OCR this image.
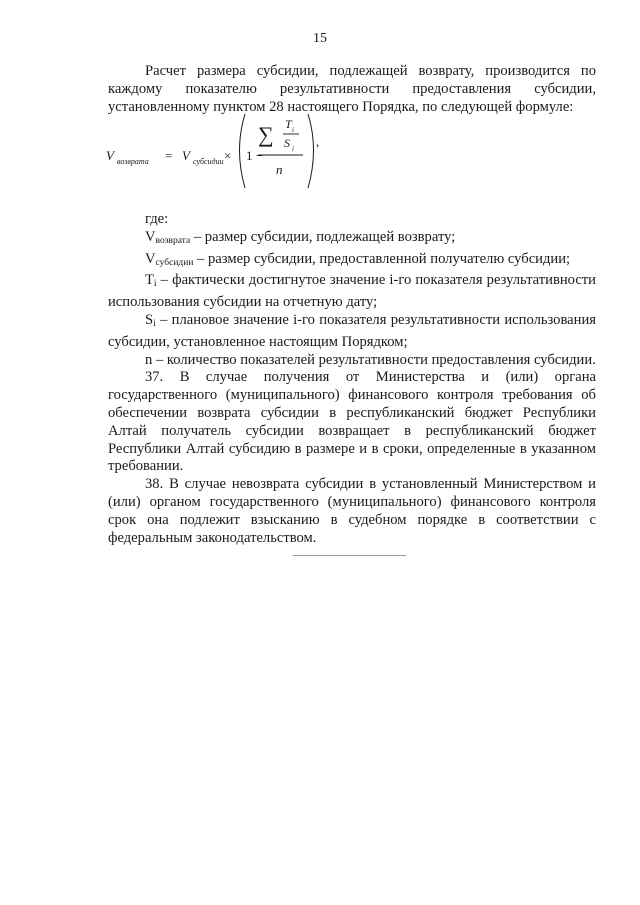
15

Расчет размера субсидии, подлежащей возврату, производится по каждому показателю результативности предоставления субсидии, установленному пунктом 28 настоящего Порядка, по следующей формуле:

V возврата = V субсидии × 1 −
∑ T i
S i
n
,

где:

$V_{возврата}$ – размер субсидии, подлежащей возврату;

$V_{субсидии}$ – размер субсидии, предоставленной получателю субсидии;

$T_i$ – фактически достигнутое значение i-го показателя результативности использования субсидии на отчетную дату;

$S_i$ – плановое значение i-го показателя результативности использования субсидии, установленное настоящим Порядком;

n – количество показателей результативности предоставления субсидии.

37. В случае получения от Министерства и (или) органа государственного (муниципального) финансового контроля требования об обеспечении возврата субсидии в республиканский бюджет Республики Алтай получатель субсидии возвращает в республиканский бюджет Республики Алтай субсидию в размере и в сроки, определенные в указанном требовании.

38. В случае невозврата субсидии в установленный Министерством и (или) органом государственного (муниципального) финансового контроля срок она подлежит взысканию в судебном порядке в соответствии с федеральным законодательством.
